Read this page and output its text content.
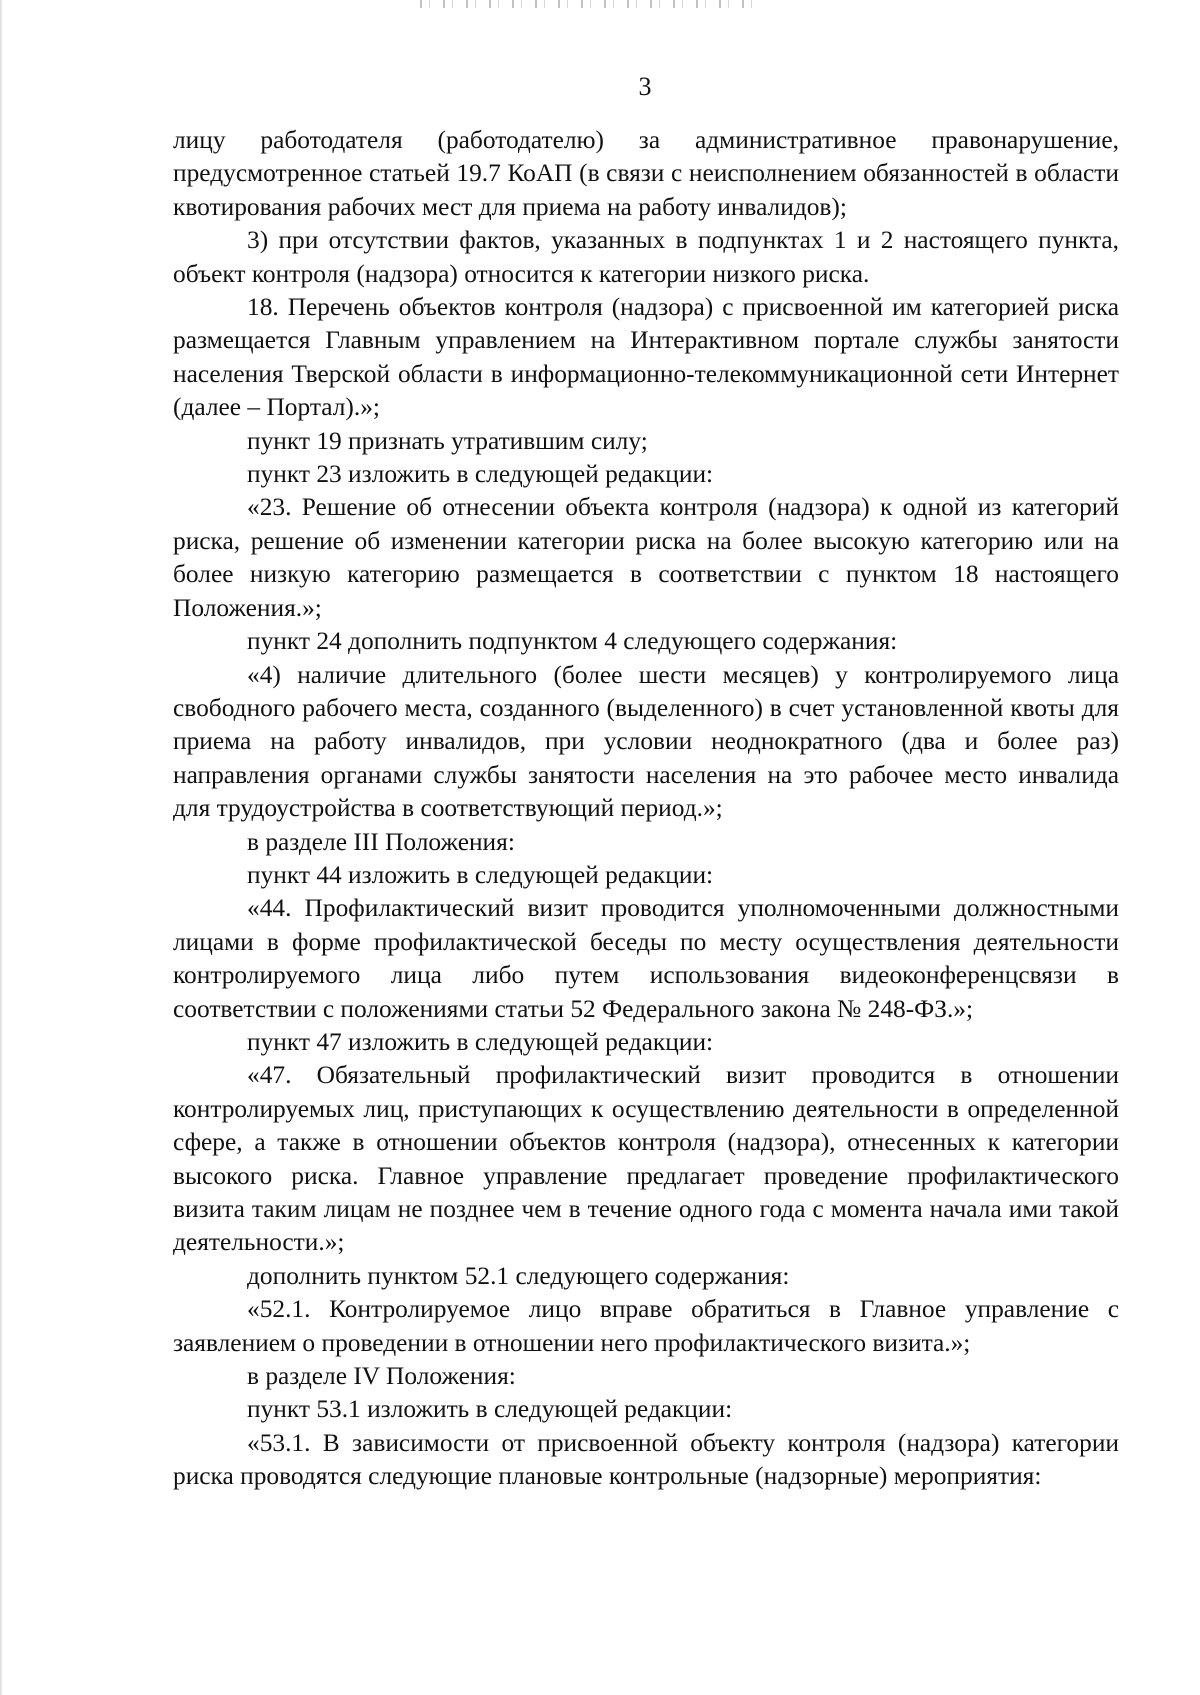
3

лицу работодателя (работодателю) за административное правонарушение, предусмотренное статьей 19.7 КоАП (в связи с неисполнением обязанностей в области квотирования рабочих мест для приема на работу инвалидов);

3) при отсутствии фактов, указанных в подпунктах 1 и 2 настоящего пункта, объект контроля (надзора) относится к категории низкого риска.

18. Перечень объектов контроля (надзора) с присвоенной им категорией риска размещается Главным управлением на Интерактивном портале службы занятости населения Тверской области в информационно-телекоммуникационной сети Интернет (далее – Портал).»;

пункт 19 признать утратившим силу;

пункт 23 изложить в следующей редакции:

«23. Решение об отнесении объекта контроля (надзора) к одной из категорий риска, решение об изменении категории риска на более высокую категорию или на более низкую категорию размещается в соответствии с пунктом 18 настоящего Положения.»;

пункт 24 дополнить подпунктом 4 следующего содержания:

«4) наличие длительного (более шести месяцев) у контролируемого лица свободного рабочего места, созданного (выделенного) в счет установленной квоты для приема на работу инвалидов, при условии неоднократного (два и более раз) направления органами службы занятости населения на это рабочее место инвалида для трудоустройства в соответствующий период.»;

в разделе III Положения:

пункт 44 изложить в следующей редакции:

«44. Профилактический визит проводится уполномоченными должностными лицами в форме профилактической беседы по месту осуществления деятельности контролируемого лица либо путем использования видеоконференцсвязи в соответствии с положениями статьи 52 Федерального закона № 248-ФЗ.»;

пункт 47 изложить в следующей редакции:

«47. Обязательный профилактический визит проводится в отношении контролируемых лиц, приступающих к осуществлению деятельности в определенной сфере, а также в отношении объектов контроля (надзора), отнесенных к категории высокого риска. Главное управление предлагает проведение профилактического визита таким лицам не позднее чем в течение одного года с момента начала ими такой деятельности.»;

дополнить пунктом 52.1 следующего содержания:

«52.1. Контролируемое лицо вправе обратиться в Главное управление с заявлением о проведении в отношении него профилактического визита.»;

в разделе IV Положения:

пункт 53.1 изложить в следующей редакции:

«53.1. В зависимости от присвоенной объекту контроля (надзора) категории риска проводятся следующие плановые контрольные (надзорные) мероприятия:
